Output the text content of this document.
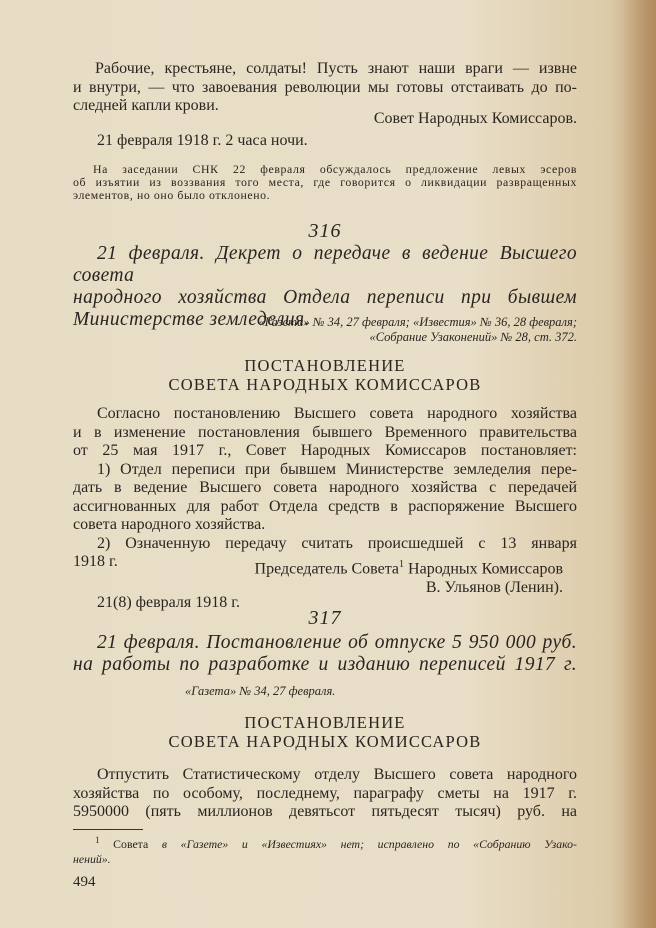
Рабочие, крестьяне, солдаты! Пусть знают наши враги — извне

и внутри, — что завоевания революции мы готовы отстаивать до по-

следней капли крови.

Совет Народных Комиссаров.
21 февраля 1918 г. 2 часа ночи.

На заседании СНК 22 февраля обсуждалось предложение левых эсеров

об изъятии из воззвания того места, где говорится о ликвидации развращенных

элементов, но оно было отклонено.

316

21 февраля. Декрет о передаче в ведение Высшего совета

народного хозяйства Отдела переписи при бывшем

Министерстве земледелия.

«Газета» № 34, 27 февраля; «Известия» № 36, 28 февраля;

«Собрание Узаконений» № 28, ст. 372.

ПОСТАНОВЛЕНИЕ

СОВЕТА НАРОДНЫХ КОМИССАРОВ

Согласно постановлению Высшего совета народного хозяйства

и в изменение постановления бывшего Временного правительства

от 25 мая 1917 г., Совет Народных Комиссаров постановляет:

1) Отдел переписи при бывшем Министерстве земледелия пере-

дать в ведение Высшего совета народного хозяйства с передачей

ассигнованных для работ Отдела средств в распоряжение Высшего

совета народного хозяйства.

2) Означенную передачу считать происшедшей с 13 января

1918 г.	Председатель Совета$^1$ Народных Комиссаров

В. Ульянов (Ленин).

21(8) февраля 1918 г.
317

21 февраля. Постановление об отпуске 5 950 000 руб.

на работы по разработке и изданию переписей 1917 г.

«Газета» № 34, 27 февраля.

ПОСТАНОВЛЕНИЕ

СОВЕТА НАРОДНЫХ КОМИССАРОВ

Отпустить Статистическому отделу Высшего совета народного

хозяйства по особому, последнему, параграфу сметы на 1917 г.

5950000 (пять миллионов девятьсот пятьдесят тысяч) руб. на

$^1$ Совета в «Газете» и «Известиях» нет; исправлено по «Собранию Узако-

нений».

494
